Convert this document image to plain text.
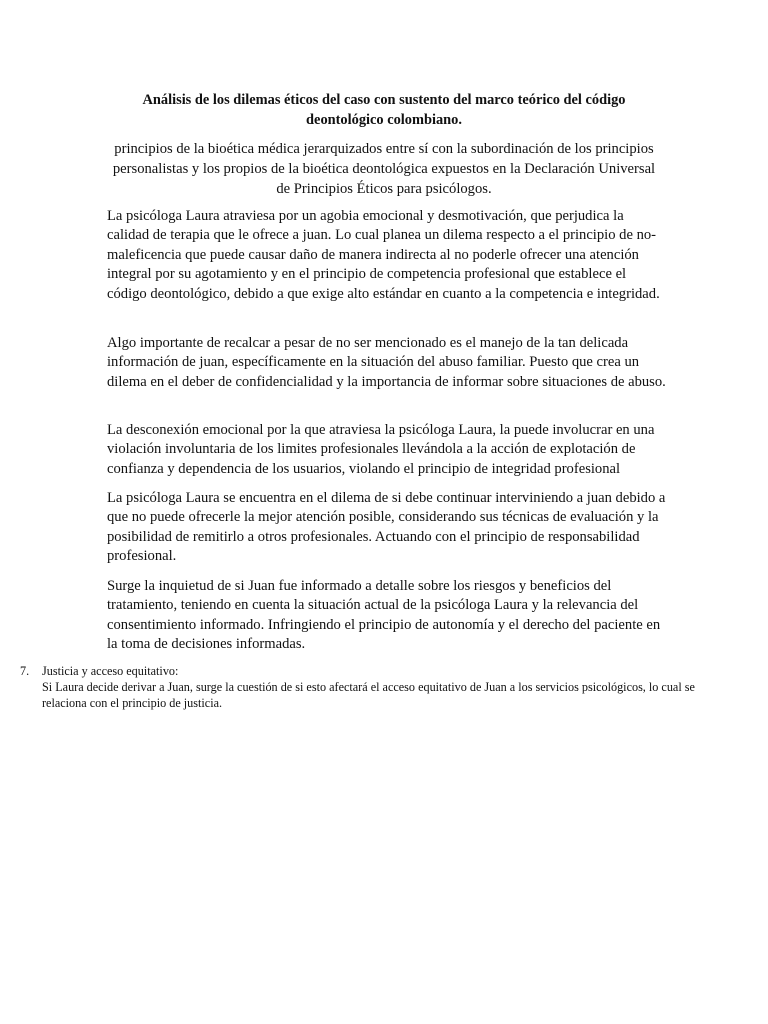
Análisis de los dilemas éticos del caso con sustento del marco teórico del código deontológico colombiano.
principios de la bioética médica jerarquizados entre sí con la subordinación de los principios personalistas y los propios de la bioética deontológica expuestos en la Declaración Universal de Principios Éticos para psicólogos.
La psicóloga Laura atraviesa por un agobia emocional y desmotivación, que perjudica la calidad de terapia que le ofrece a juan. Lo cual planea un dilema respecto a el principio de no-maleficencia que puede causar daño de manera indirecta al no poderle ofrecer una atención integral por su agotamiento y en el principio de competencia profesional que establece el código deontológico, debido a que exige alto estándar en cuanto a la competencia e integridad.
Algo importante de recalcar a pesar de no ser mencionado es el manejo de la tan delicada información de juan, específicamente en la situación del abuso familiar. Puesto que crea un dilema en el deber de confidencialidad y la importancia de informar sobre situaciones de abuso.
La desconexión emocional por la que atraviesa la psicóloga Laura, la puede involucrar en una violación involuntaria de los limites profesionales llevándola a la acción de explotación de confianza y dependencia de los usuarios, violando el principio de integridad profesional
La psicóloga Laura se encuentra en el dilema de si debe continuar interviniendo a juan debido a que no puede ofrecerle la mejor atención posible, considerando sus técnicas de evaluación y la posibilidad de remitirlo a otros profesionales. Actuando con el principio de responsabilidad profesional.
Surge la inquietud de si Juan fue informado a detalle sobre los riesgos y beneficios del tratamiento, teniendo en cuenta la situación actual de la psicóloga Laura y la relevancia del consentimiento informado. Infringiendo el principio de autonomía y el derecho del paciente en la toma de decisiones informadas.
7. Justicia y acceso equitativo:
Si Laura decide derivar a Juan, surge la cuestión de si esto afectará el acceso equitativo de Juan a los servicios psicológicos, lo cual se relaciona con el principio de justicia.
